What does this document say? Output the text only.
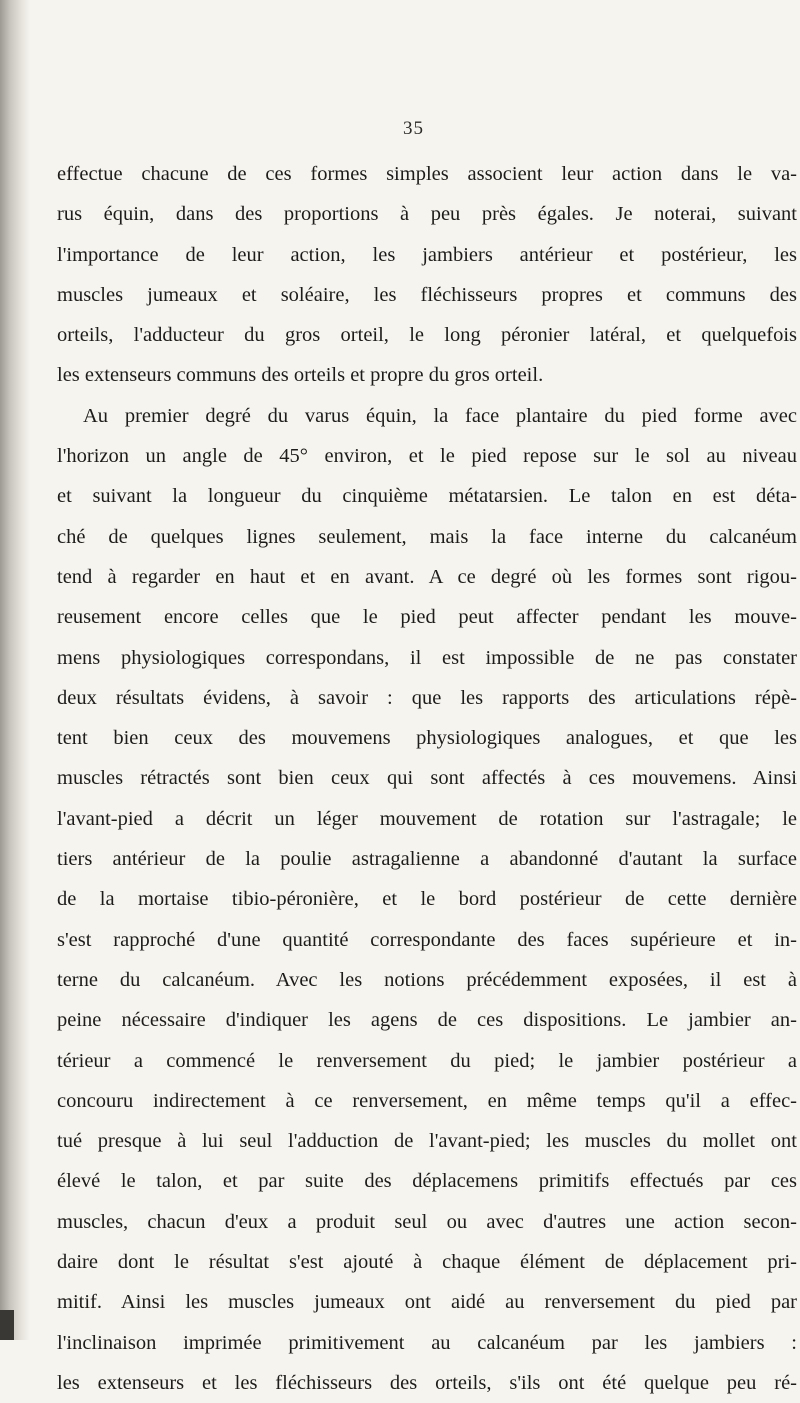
35
effectue chacune de ces formes simples associent leur action dans le va-
rus équin, dans des proportions à peu près égales. Je noterai, suivant
l'importance de leur action, les jambiers antérieur et postérieur, les
muscles jumeaux et soléaire, les fléchisseurs propres et communs des
orteils, l'adducteur du gros orteil, le long péronier latéral, et quelquefois
les extenseurs communs des orteils et propre du gros orteil.
Au premier degré du varus équin, la face plantaire du pied forme avec
l'horizon un angle de 45° environ, et le pied repose sur le sol au niveau
et suivant la longueur du cinquième métatarsien. Le talon en est déta-
ché de quelques lignes seulement, mais la face interne du calcanéum
tend à regarder en haut et en avant. A ce degré où les formes sont rigou-
reusement encore celles que le pied peut affecter pendant les mouve-
mens physiologiques correspondans, il est impossible de ne pas constater
deux résultats évidens, à savoir : que les rapports des articulations répè-
tent bien ceux des mouvemens physiologiques analogues, et que les
muscles rétractés sont bien ceux qui sont affectés à ces mouvemens. Ainsi
l'avant-pied a décrit un léger mouvement de rotation sur l'astragale; le
tiers antérieur de la poulie astragalienne a abandonné d'autant la surface
de la mortaise tibio-péronière, et le bord postérieur de cette dernière
s'est rapproché d'une quantité correspondante des faces supérieure et in-
terne du calcanéum. Avec les notions précédemment exposées, il est à
peine nécessaire d'indiquer les agens de ces dispositions. Le jambier an-
térieur a commencé le renversement du pied; le jambier postérieur a
concouru indirectement à ce renversement, en même temps qu'il a effec-
tué presque à lui seul l'adduction de l'avant-pied; les muscles du mollet ont
élevé le talon, et par suite des déplacemens primitifs effectués par ces
muscles, chacun d'eux a produit seul ou avec d'autres une action secon-
daire dont le résultat s'est ajouté à chaque élément de déplacement pri-
mitif. Ainsi les muscles jumeaux ont aidé au renversement du pied par
l'inclinaison imprimée primitivement au calcanéum par les jambiers :
les extenseurs et les fléchisseurs des orteils, s'ils ont été quelque peu ré-
